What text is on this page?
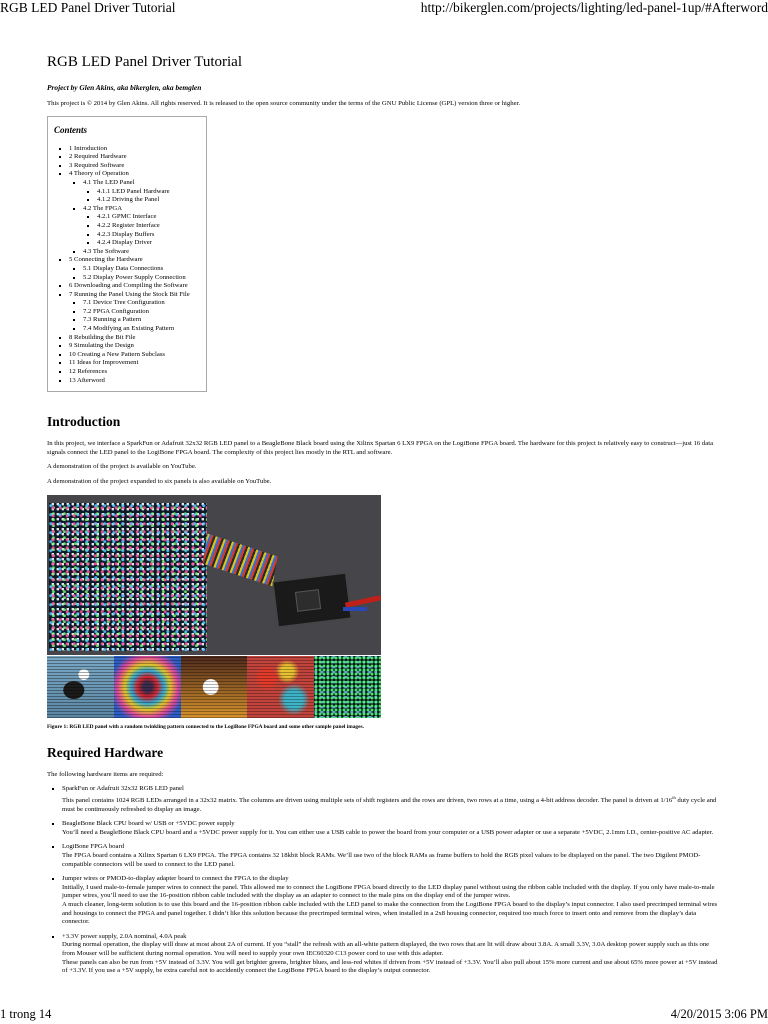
RGB LED Panel Driver Tutorial	http://bikerglen.com/projects/lighting/led-panel-1up/#Afterword
RGB LED Panel Driver Tutorial
Project by Glen Akins, aka bikerglen, aka bemglen

This project is © 2014 by Glen Akins. All rights reserved. It is released to the open source community under the terms of the GNU Public License (GPL) version three or higher.

Contents
▪ 1 Introduction
▪ 2 Required Hardware
▪ 3 Required Software
▪ 4 Theory of Operation
▪ 4.1 The LED Panel
▪ 4.1.1 LED Panel Hardware
▪ 4.1.2 Driving the Panel
▪ 4.2 The FPGA
▪ 4.2.1 GPMC Interface
▪ 4.2.2 Register Interface
▪ 4.2.3 Display Buffers
▪ 4.2.4 Display Driver
▪ 4.3 The Software
▪ 5 Connecting the Hardware
▪ 5.1 Display Data Connections
▪ 5.2 Display Power Supply Connection
▪ 6 Downloading and Compiling the Software
▪ 7 Running the Panel Using the Stock Bit File
▪ 7.1 Device Tree Configuration
▪ 7.2 FPGA Configuration
▪ 7.3 Running a Pattern
▪ 7.4 Modifying an Existing Pattern
▪ 8 Rebuilding the Bit File
▪ 9 Simulating the Design
▪ 10 Creating a New Pattern Subclass
▪ 11 Ideas for Improvement
▪ 12 References
▪ 13 Afterword
Introduction

In this project, we interface a SparkFun or Adafruit 32x32 RGB LED panel to a BeagleBone Black board using the Xilinx Spartan 6 LX9 FPGA on the LogiBone FPGA board. The hardware for this project is relatively easy to construct—just 16 data signals connect the LED panel to the LogiBone FPGA board. The complexity of this project lies mostly in the RTL and software.

A demonstration of the project is available on YouTube.

A demonstration of the project expanded to six panels is also available on YouTube.

Figure 1: RGB LED panel with a random twinkling pattern connected to the LogiBone FPGA board and some other sample panel images.
Required Hardware

The following hardware items are required:

▪ SparkFun or Adafruit 32x32 RGB LED panel
This panel contains 1024 RGB LEDs arranged in a 32x32 matrix. The columns are driven using multiple sets of shift registers and the rows are driven, two rows at a time, using a 4-bit address decoder. The panel is driven at 1/16th duty cycle and must be continuously refreshed to display an image.
▪ BeagleBone Black CPU board w/ USB or +5VDC power supply
You’ll need a BeagleBone Black CPU board and a +5VDC power supply for it. You can either use a USB cable to power the board from your computer or a USB power adapter or use a separate +5VDC, 2.1mm I.D., center-positive AC adapter.
▪ LogiBone FPGA board
The FPGA board contains a Xilinx Spartan 6 LX9 FPGA. The FPGA contains 32 18kbit block RAMs. We’ll use two of the block RAMs as frame buffers to hold the RGB pixel values to be displayed on the panel. The two Digilent PMOD-compatible connectors will be used to connect to the LED panel.
▪ Jumper wires or PMOD-to-display adapter board to connect the FPGA to the display
Initially, I used male-to-female jumper wires to connect the panel. This allowed me to connect the LogiBone FPGA board directly to the LED display panel without using the ribbon cable included with the display. If you only have male-to-male jumper wires, you’ll need to use the 16-position ribbon cable included with the display as an adapter to connect to the male pins on the display end of the jumper wires.
A much cleaner, long-term solution is to use this board and the 16-position ribbon cable included with the LED panel to make the connection from the LogiBone FPGA board to the display’s input connector. I also used precrimped terminal wires and housings to connect the FPGA and panel together. I didn’t like this solution because the precrimped terminal wires, when installed in a 2x8 housing connector, required too much force to insert onto and remove from the display’s data connector.
▪ +3.3V power supply, 2.0A nominal, 4.0A peak
During normal operation, the display will draw at most about 2A of current. If you “stall” the refresh with an all-white pattern displayed, the two rows that are lit will draw about 3.8A. A small 3.3V, 3.0A desktop power supply such as this one from Mouser will be sufficient during normal operation. You will need to supply your own IEC60320 C13 power cord to use with this adapter.
These panels can also be run from +5V instead of 3.3V. You will get brighter greens, brighter blues, and less-red whites if driven from +5V instead of +3.3V. You’ll also pull about 15% more current and use about 65% more power at +5V instead of +3.3V. If you use a +5V supply, be extra careful not to accidently connect the LogiBone FPGA board to the display’s output connector.
1 trong 14	4/20/2015 3:06 PM
